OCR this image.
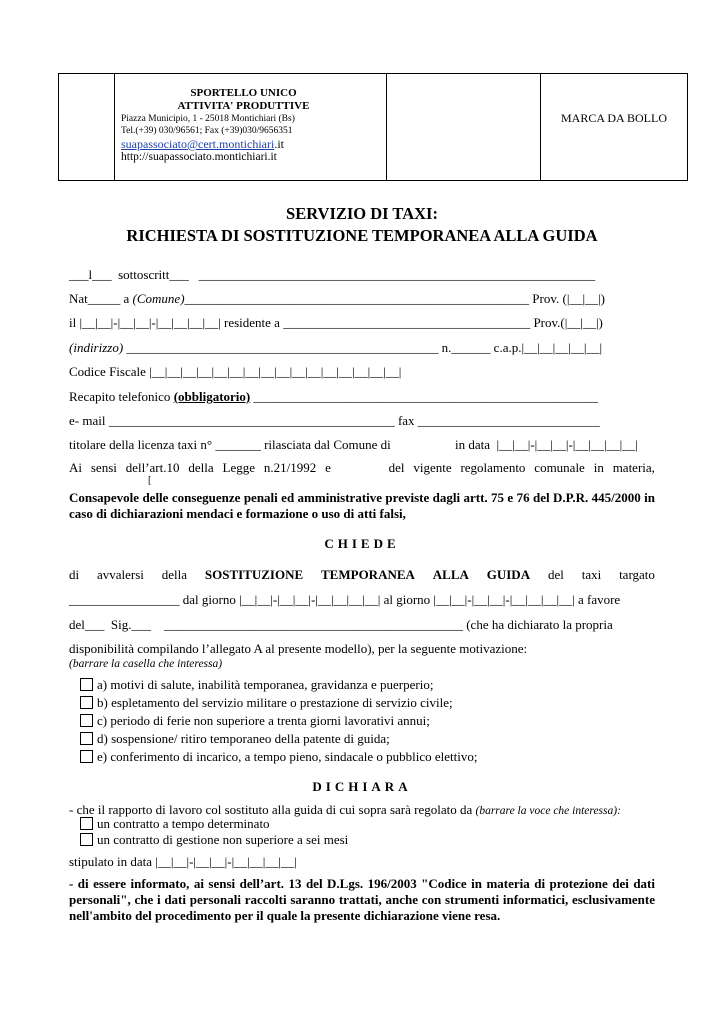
SPORTELLO UNICO
ATTIVITA' PRODUTTIVE
Piazza Municipio, 1 - 25018 Montichiari (Bs)
Tel.(+39) 030/96561; Fax (+39)030/9656351
suapassociato@cert.montichiari.it
http://suapassociato.montichiari.it
MARCA DA BOLLO
SERVIZIO DI TAXI:
RICHIESTA DI SOSTITUZIONE TEMPORANEA ALLA GUIDA
___l___  sottoscritt___   _____________________________________________________________
Nat_____ a (Comune)_____________________________________________________ Prov. (|__|__|)
il |__|__|-|__|__|-|__|__|__|__| residente a ______________________________________ Prov.(|__|__|)
(indirizzo) ________________________________________________ n.______ c.a.p.|__|__|__|__|__|
Codice Fiscale |__|__|__|__|__|__|__|__|__|__|__|__|__|__|__|__|
Recapito telefonico (obbligatorio) _____________________________________________________
e- mail ____________________________________________ fax ____________________________
titolare della licenza taxi n° _______ rilasciata dal Comune di	in data  |__|__|-|__|__|-|__|__|__|__|
Ai sensi dell’art.10 della Legge n.21/1992 e	del vigente regolamento comunale in materia,
[
Consapevole delle conseguenze penali ed amministrative previste dagli artt. 75 e 76 del D.P.R. 445/2000 in caso di dichiarazioni mendaci e formazione o uso di atti falsi,
CHIEDE
di avvalersi della SOSTITUZIONE TEMPORANEA ALLA GUIDA del taxi targato
_________________ dal giorno |__|__|-|__|__|-|__|__|__|__| al giorno |__|__|-|__|__|-|__|__|__|__| a favore
del___  Sig.___    ______________________________________________ (che ha dichiarato la propria
disponibilità compilando l’allegato A al presente modello), per la seguente motivazione:
(barrare la casella che interessa)
a) motivi di salute, inabilità temporanea, gravidanza e puerperio;
b) espletamento del servizio militare o prestazione di servizio civile;
c) periodo di ferie non superiore a trenta giorni lavorativi annui;
d) sospensione/ ritiro temporaneo della patente di guida;
e) conferimento di incarico, a tempo pieno, sindacale o pubblico elettivo;
DICHIARA
- che il rapporto di lavoro col sostituto alla guida di cui sopra sarà regolato da (barrare la voce che interessa):
un contratto a tempo determinato
un contratto di gestione non superiore a sei mesi
stipulato in data |__|__|-|__|__|-|__|__|__|__|
- di essere informato, ai sensi dell’art. 13 del D.Lgs. 196/2003 "Codice in materia di protezione dei dati personali", che i dati personali raccolti saranno trattati, anche con strumenti informatici, esclusivamente nell'ambito del procedimento per il quale la presente dichiarazione viene resa.
